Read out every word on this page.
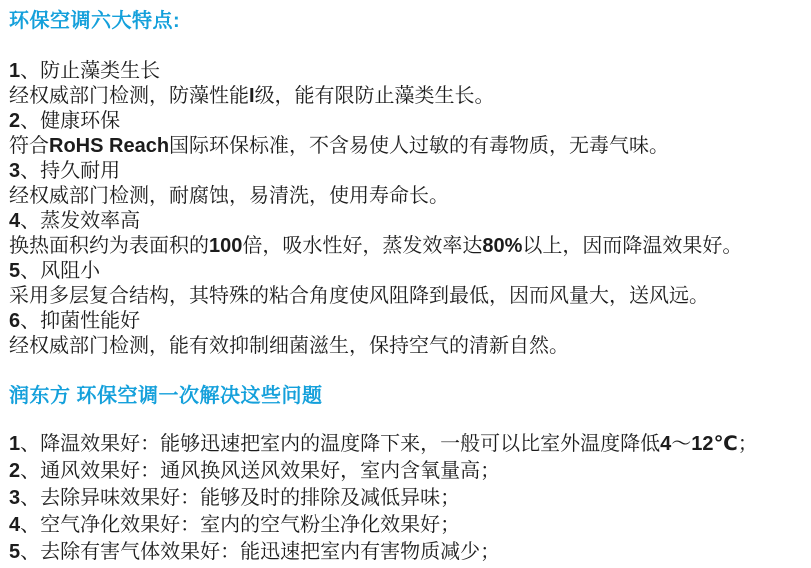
环保空调六大特点:
1、防止藻类生长
经权威部门检测，防藻性能I级，能有限防止藻类生长。
2、健康环保
符合RoHS Reach国际环保标准，不含易使人过敏的有毒物质，无毒气味。
3、持久耐用
经权威部门检测，耐腐蚀，易清洗，使用寿命长。
4、蒸发效率高
换热面积约为表面积的100倍，吸水性好，蒸发效率达80%以上，因而降温效果好。
5、风阻小
采用多层复合结构，其特殊的粘合角度使风阻降到最低，因而风量大，送风远。
6、抑菌性能好
经权威部门检测，能有效抑制细菌滋生，保持空气的清新自然。
润东方 环保空调一次解决这些问题
1、降温效果好：能够迅速把室内的温度降下来，一般可以比室外温度降低4～12℃；
2、通风效果好：通风换风送风效果好，室内含氧量高；
3、去除异味效果好：能够及时的排除及减低异味；
4、空气净化效果好：室内的空气粉尘净化效果好；
5、去除有害气体效果好：能迅速把室内有害物质减少；
